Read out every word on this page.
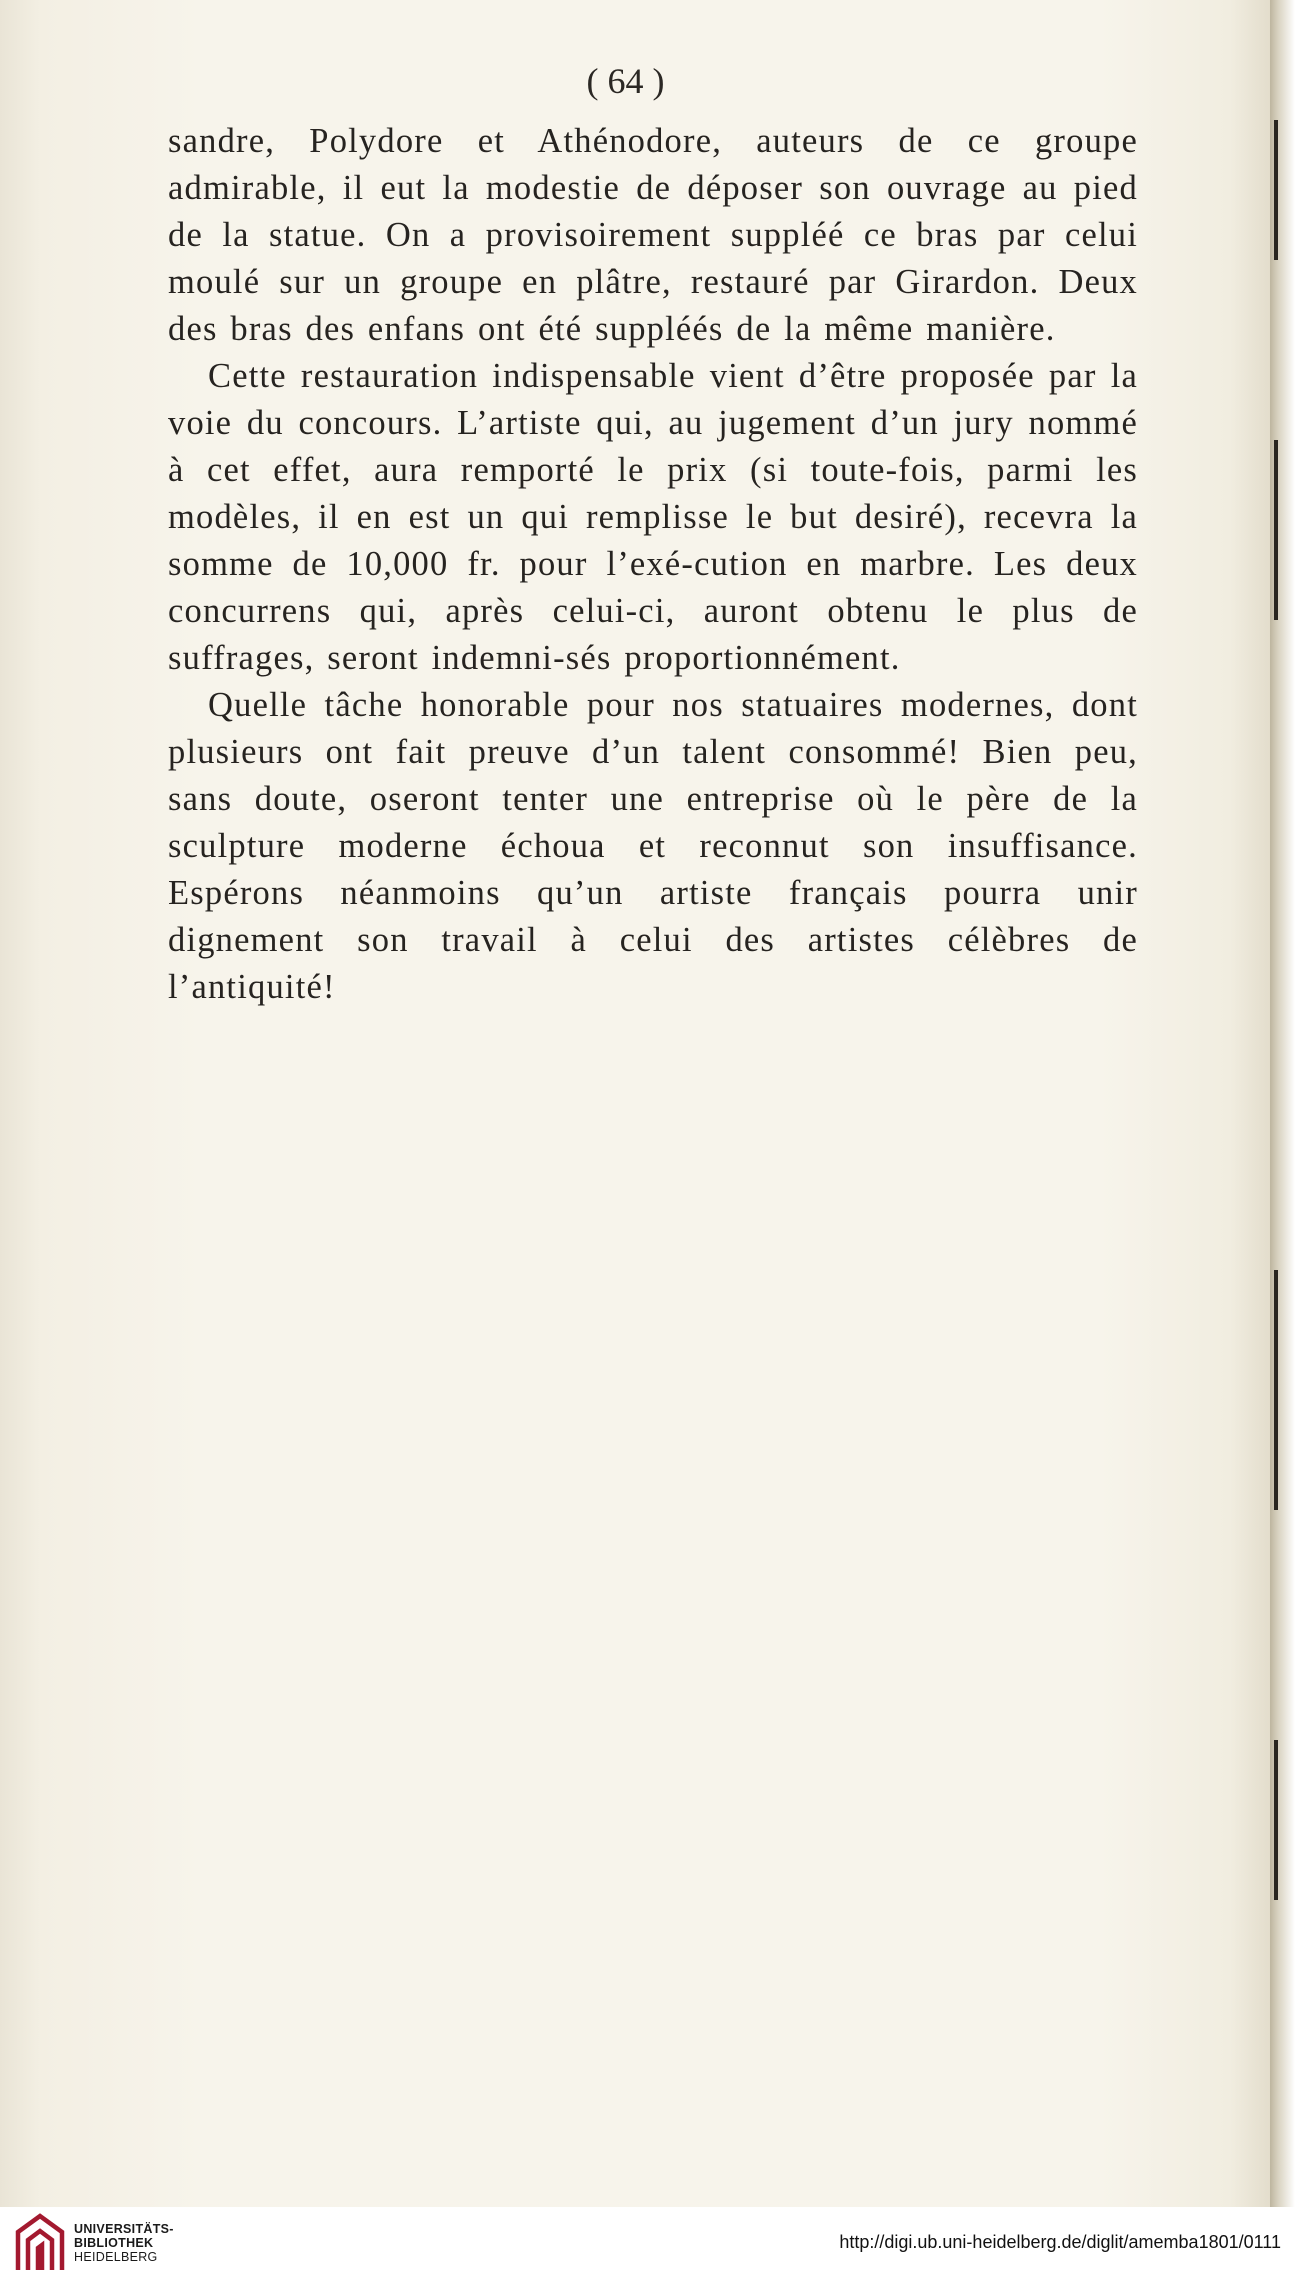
( 64 )

sandre, Polydore et Athénodore, auteurs de ce groupe admirable, il eut la modestie de déposer son ouvrage au pied de la statue. On a provisoirement suppléé ce bras par celui moulé sur un groupe en plâtre, restauré par Girardon. Deux des bras des enfans ont été suppléés de la même manière.

Cette restauration indispensable vient d’être proposée par la voie du concours. L’artiste qui, au jugement d’un jury nommé à cet effet, aura remporté le prix (si toute-fois, parmi les modèles, il en est un qui remplisse le but desiré), recevra la somme de 10,000 fr. pour l’exé-cution en marbre. Les deux concurrens qui, après celui-ci, auront obtenu le plus de suffrages, seront indemni-sés proportionnément.

Quelle tâche honorable pour nos statuaires modernes, dont plusieurs ont fait preuve d’un talent consommé! Bien peu, sans doute, oseront tenter une entreprise où le père de la sculpture moderne échoua et reconnut son insuffisance. Espérons néanmoins qu’un artiste français pourra unir dignement son travail à celui des artistes célèbres de l’antiquité!

UNIVERSITÄTS-
BIBLIOTHEK
HEIDELBERG
http://digi.ub.uni-heidelberg.de/diglit/amemba1801/0111
